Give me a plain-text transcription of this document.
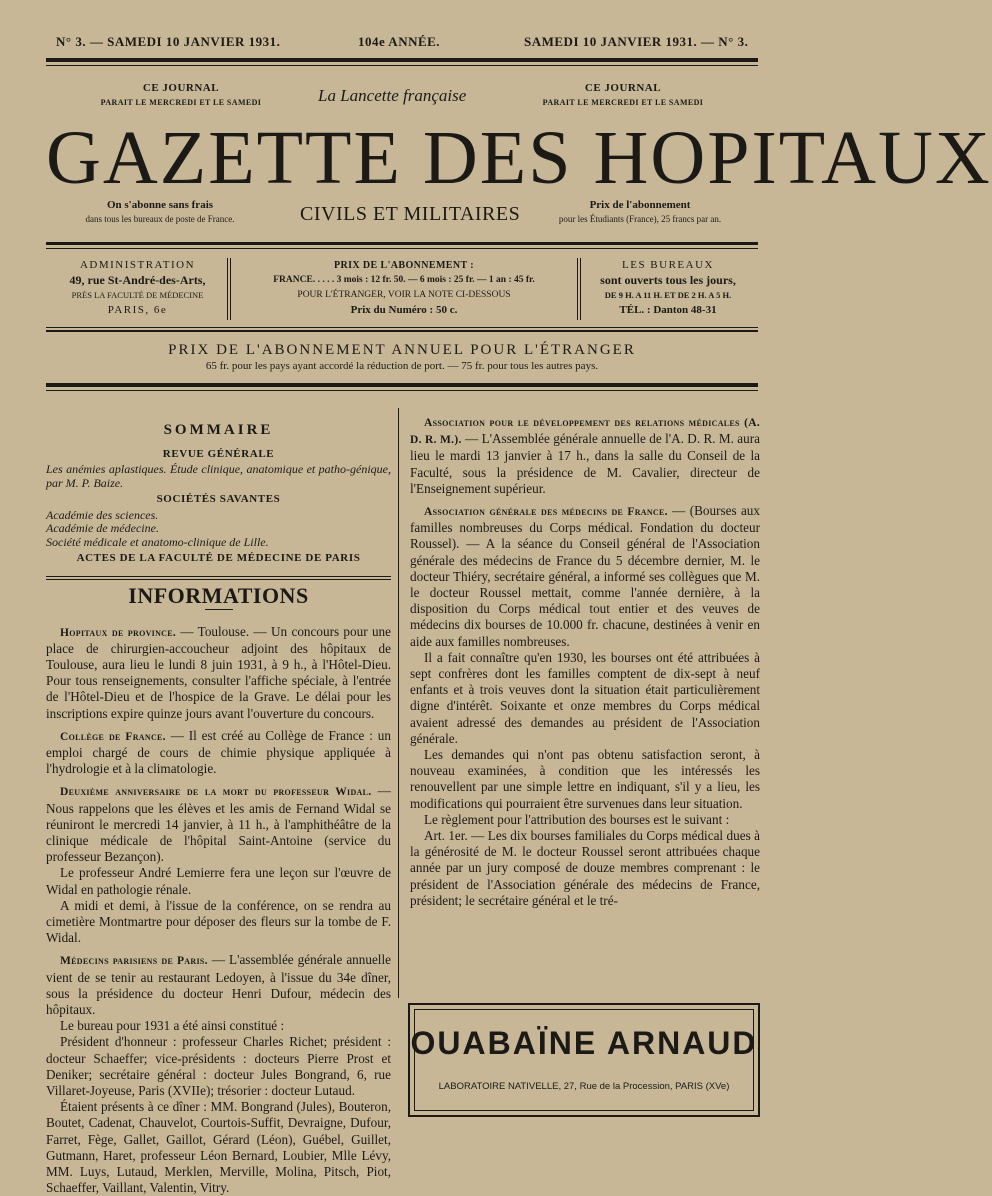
N° 3. — SAMEDI 10 JANVIER 1931.	104e ANNÉE.	SAMEDI 10 JANVIER 1931. — N° 3.
CE JOURNAL
PARAIT LE MERCREDI ET LE SAMEDI	La Lancette française	CE JOURNAL
PARAIT LE MERCREDI ET LE SAMEDI
GAZETTE DES HOPITAUX
On s'abonne sans frais
dans tous les bureaux de poste de France.	CIVILS ET MILITAIRES	Prix de l'abonnement
pour les Étudiants (France), 25 francs par an.
ADMINISTRATION
49, rue St-André-des-Arts,
PRÈS LA FACULTÉ DE MÉDECINE
PARIS, 6e
PRIX DE L'ABONNEMENT :
FRANCE. . . . . 3 mois : 12 fr. 50. — 6 mois : 25 fr. — 1 an : 45 fr.
POUR L'ÉTRANGER, VOIR LA NOTE CI-DESSOUS
Prix du Numéro : 50 c.
LES BUREAUX
sont ouverts tous les jours,
DE 9 H. A 11 H. ET DE 2 H. A 5 H.
TÉL. : Danton 48-31
PRIX DE L'ABONNEMENT ANNUEL POUR L'ÉTRANGER
65 fr. pour les pays ayant accordé la réduction de port. — 75 fr. pour tous les autres pays.
SOMMAIRE
REVUE GÉNÉRALE
Les anémies aplastiques. Étude clinique, anatomique et patho-génique, par M. P. Baize.
SOCIÉTÉS SAVANTES
Académie des sciences.
Académie de médecine.
Société médicale et anatomo-clinique de Lille.
ACTES DE LA FACULTÉ DE MÉDECINE DE PARIS
INFORMATIONS

Hopitaux de province. — Toulouse. — Un concours pour une place de chirurgien-accoucheur adjoint des hôpitaux de Toulouse, aura lieu le lundi 8 juin 1931, à 9 h., à l'Hôtel-Dieu. Pour tous renseignements, consulter l'affiche spéciale, à l'entrée de l'Hôtel-Dieu et de l'hospice de la Grave. Le délai pour les inscriptions expire quinze jours avant l'ouverture du concours.

Collège de France. — Il est créé au Collège de France : un emploi chargé de cours de chimie physique appliquée à l'hydrologie et à la climatologie.

Deuxième anniversaire de la mort du professeur Widal. — Nous rappelons que les élèves et les amis de Fernand Widal se réuniront le mercredi 14 janvier, à 11 h., à l'amphithéâtre de la clinique médicale de l'hôpital Saint-Antoine (service du professeur Bezançon).

Le professeur André Lemierre fera une leçon sur l'œuvre de Widal en pathologie rénale.

A midi et demi, à l'issue de la conférence, on se rendra au cimetière Montmartre pour déposer des fleurs sur la tombe de F. Widal.

Médecins parisiens de Paris. — L'assemblée générale annuelle vient de se tenir au restaurant Ledoyen, à l'issue du 34e dîner, sous la présidence du docteur Henri Dufour, médecin des hôpitaux.

Le bureau pour 1931 a été ainsi constitué :

Président d'honneur : professeur Charles Richet; président : docteur Schaeffer; vice-présidents : docteurs Pierre Prost et Deniker; secrétaire général : docteur Jules Bongrand, 6, rue Villaret-Joyeuse, Paris (XVIIe); trésorier : docteur Lutaud.

Étaient présents à ce dîner : MM. Bongrand (Jules), Bouteron, Boutet, Cadenat, Chauvelot, Courtois-Suffit, Devraigne, Dufour, Farret, Fège, Gallet, Gaillot, Gérard (Léon), Guébel, Guillet, Gutmann, Haret, professeur Léon Bernard, Loubier, Mlle Lévy, MM. Luys, Lutaud, Merklen, Merville, Molina, Pitsch, Piot, Schaeffer, Vaillant, Valentin, Vitry.

Association pour le développement des relations médicales (A. D. R. M.). — L'Assemblée générale annuelle de l'A. D. R. M. aura lieu le mardi 13 janvier à 17 h., dans la salle du Conseil de la Faculté, sous la présidence de M. Cavalier, directeur de l'Enseignement supérieur.

Association générale des médecins de France. — (Bourses aux familles nombreuses du Corps médical. Fondation du docteur Roussel). — A la séance du Conseil général de l'Association générale des médecins de France du 5 décembre dernier, M. le docteur Thiéry, secrétaire général, a informé ses collègues que M. le docteur Roussel mettait, comme l'année dernière, à la disposition du Corps médical tout entier et des veuves de médecins dix bourses de 10.000 fr. chacune, destinées à venir en aide aux familles nombreuses.

Il a fait connaître qu'en 1930, les bourses ont été attribuées à sept confrères dont les familles comptent de dix-sept à neuf enfants et à trois veuves dont la situation était particulièrement digne d'intérêt. Soixante et onze membres du Corps médical avaient adressé des demandes au président de l'Association générale.

Les demandes qui n'ont pas obtenu satisfaction seront, à nouveau examinées, à condition que les intéressés les renouvellent par une simple lettre en indiquant, s'il y a lieu, les modifications qui pourraient être survenues dans leur situation.

Le règlement pour l'attribution des bourses est le suivant :

Art. 1er. — Les dix bourses familiales du Corps médical dues à la générosité de M. le docteur Roussel seront attribuées chaque année par un jury composé de douze membres comprenant : le président de l'Association générale des médecins de France, président; le secrétaire général et le tré-

OUABAÏNE ARNAUD
LABORATOIRE NATIVELLE, 27, Rue de la Procession, PARIS (XVe)
